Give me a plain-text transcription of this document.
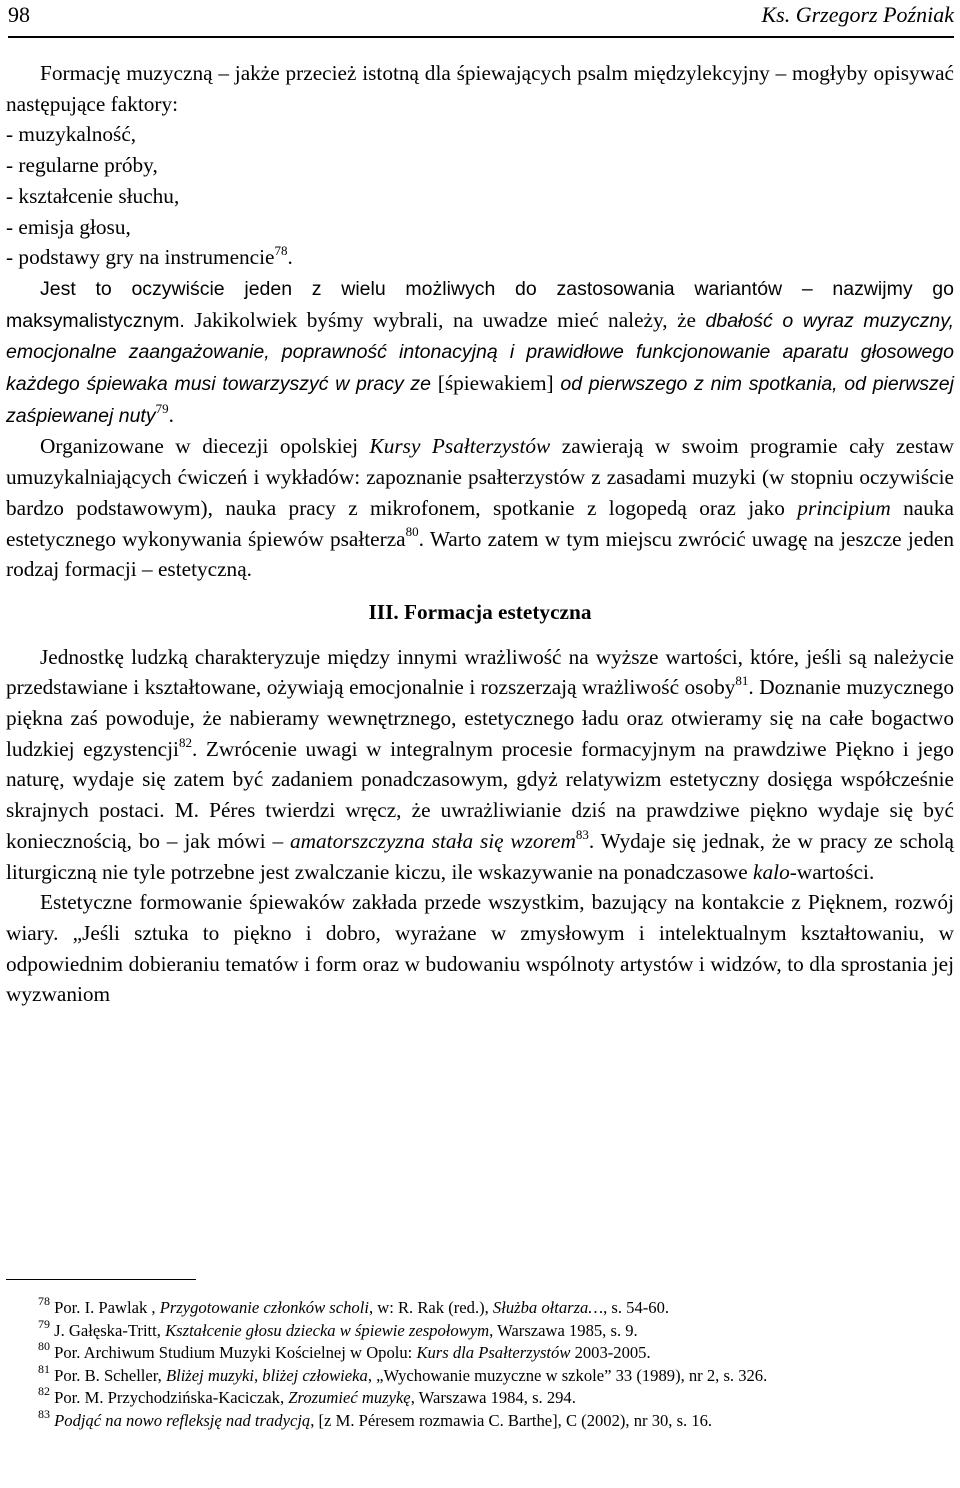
98	Ks. Grzegorz Poźniak

Formację muzyczną – jakże przecież istotną dla śpiewających psalm międzylekcyjny – mogłyby opisywać następujące faktory:

- muzykalność,

- regularne próby,

- kształcenie słuchu,

- emisja głosu,

- podstawy gry na instrumencie$^{78}$.

Jest to oczywiście jeden z wielu możliwych do zastosowania wariantów – nazwijmy go maksymalistycznym. Jakikolwiek byśmy wybrali, na uwadze mieć należy, że dbałość o wyraz muzyczny, emocjonalne zaangażowanie, poprawność intonacyjną i prawidłowe funkcjonowanie aparatu głosowego każdego śpiewaka musi towarzyszyć w pracy ze [śpiewakiem] od pierwszego z nim spotkania, od pierwszej zaśpiewanej nuty$^{79}$.

Organizowane w diecezji opolskiej Kursy Psałterzystów zawierają w swoim programie cały zestaw umuzykalniających ćwiczeń i wykładów: zapoznanie psałterzystów z zasadami muzyki (w stopniu oczywiście bardzo podstawowym), nauka pracy z mikrofonem, spotkanie z logopedą oraz jako principium nauka estetycznego wykonywania śpiewów psałterza$^{80}$. Warto zatem w tym miejscu zwrócić uwagę na jeszcze jeden rodzaj formacji – estetyczną.

III. Formacja estetyczna

Jednostkę ludzką charakteryzuje między innymi wrażliwość na wyższe wartości, które, jeśli są należycie przedstawiane i kształtowane, ożywiają emocjonalnie i rozszerzają wrażliwość osoby$^{81}$. Doznanie muzycznego piękna zaś powoduje, że nabieramy wewnętrznego, estetycznego ładu oraz otwieramy się na całe bogactwo ludzkiej egzystencji$^{82}$. Zwrócenie uwagi w integralnym procesie formacyjnym na prawdziwe Piękno i jego naturę, wydaje się zatem być zadaniem ponadczasowym, gdyż relatywizm estetyczny dosięga współcześnie skrajnych postaci. M. Péres twierdzi wręcz, że uwrażliwianie dziś na prawdziwe piękno wydaje się być koniecznością, bo – jak mówi – amatorszczyzna stała się wzorem$^{83}$. Wydaje się jednak, że w pracy ze scholą liturgiczną nie tyle potrzebne jest zwalczanie kiczu, ile wskazywanie na ponadczasowe kalo-wartości.

Estetyczne formowanie śpiewaków zakłada przede wszystkim, bazujący na kontakcie z Pięknem, rozwój wiary. „Jeśli sztuka to piękno i dobro, wyrażane w zmysłowym i intelektualnym kształtowaniu, w odpowiednim dobieraniu tematów i form oraz w budowaniu wspólnoty artystów i widzów, to dla sprostania jej wyzwaniom

$^{78}$ Por. I. Pawlak , Przygotowanie członków scholi, w: R. Rak (red.), Służba ołtarza…, s. 54-60.

$^{79}$ J. Gałęska-Tritt, Kształcenie głosu dziecka w śpiewie zespołowym, Warszawa 1985, s. 9.

$^{80}$ Por. Archiwum Studium Muzyki Kościelnej w Opolu: Kurs dla Psałterzystów 2003-2005.

$^{81}$ Por. B. Scheller, Bliżej muzyki, bliżej człowieka, „Wychowanie muzyczne w szkole” 33 (1989), nr 2, s. 326.

$^{82}$ Por. M. Przychodzińska-Kaciczak, Zrozumieć muzykę, Warszawa 1984, s. 294.

$^{83}$ Podjąć na nowo refleksję nad tradycją, [z M. Péresem rozmawia C. Barthe], C (2002), nr 30, s. 16.
